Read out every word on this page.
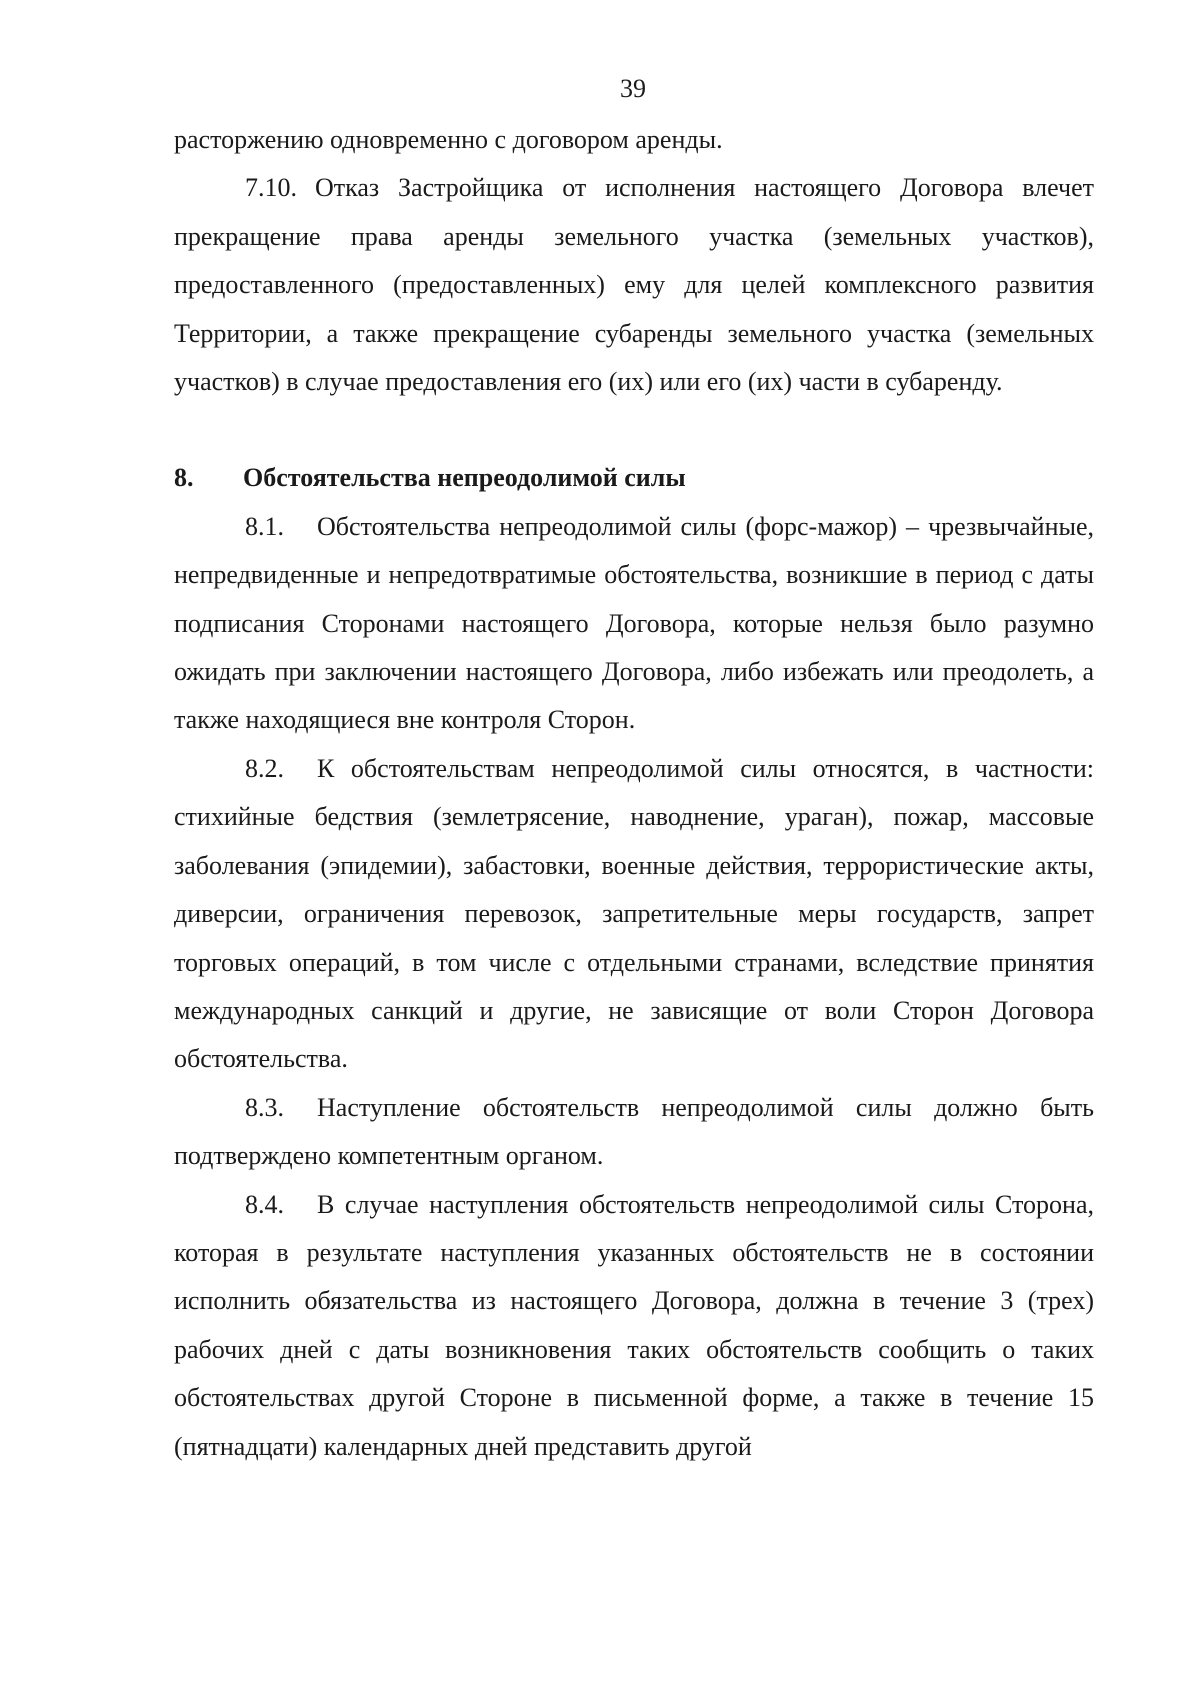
39

расторжению одновременно с договором аренды.

7.10. Отказ Застройщика от исполнения настоящего Договора влечет прекращение права аренды земельного участка (земельных участков), предоставленного (предоставленных) ему для целей комплексного развития Территории, а также прекращение субаренды земельного участка (земельных участков) в случае предоставления его (их) или его (их) части в субаренду.

8. Обстоятельства непреодолимой силы

8.1. Обстоятельства непреодолимой силы (форс-мажор) – чрезвычайные, непредвиденные и непредотвратимые обстоятельства, возникшие в период с даты подписания Сторонами настоящего Договора, которые нельзя было разумно ожидать при заключении настоящего Договора, либо избежать или преодолеть, а также находящиеся вне контроля Сторон.

8.2. К обстоятельствам непреодолимой силы относятся, в частности: стихийные бедствия (землетрясение, наводнение, ураган), пожар, массовые заболевания (эпидемии), забастовки, военные действия, террористические акты, диверсии, ограничения перевозок, запретительные меры государств, запрет торговых операций, в том числе с отдельными странами, вследствие принятия международных санкций и другие, не зависящие от воли Сторон Договора обстоятельства.

8.3. Наступление обстоятельств непреодолимой силы должно быть подтверждено компетентным органом.

8.4. В случае наступления обстоятельств непреодолимой силы Сторона, которая в результате наступления указанных обстоятельств не в состоянии исполнить обязательства из настоящего Договора, должна в течение 3 (трех) рабочих дней с даты возникновения таких обстоятельств сообщить о таких обстоятельствах другой Стороне в письменной форме, а также в течение 15 (пятнадцати) календарных дней представить другой
